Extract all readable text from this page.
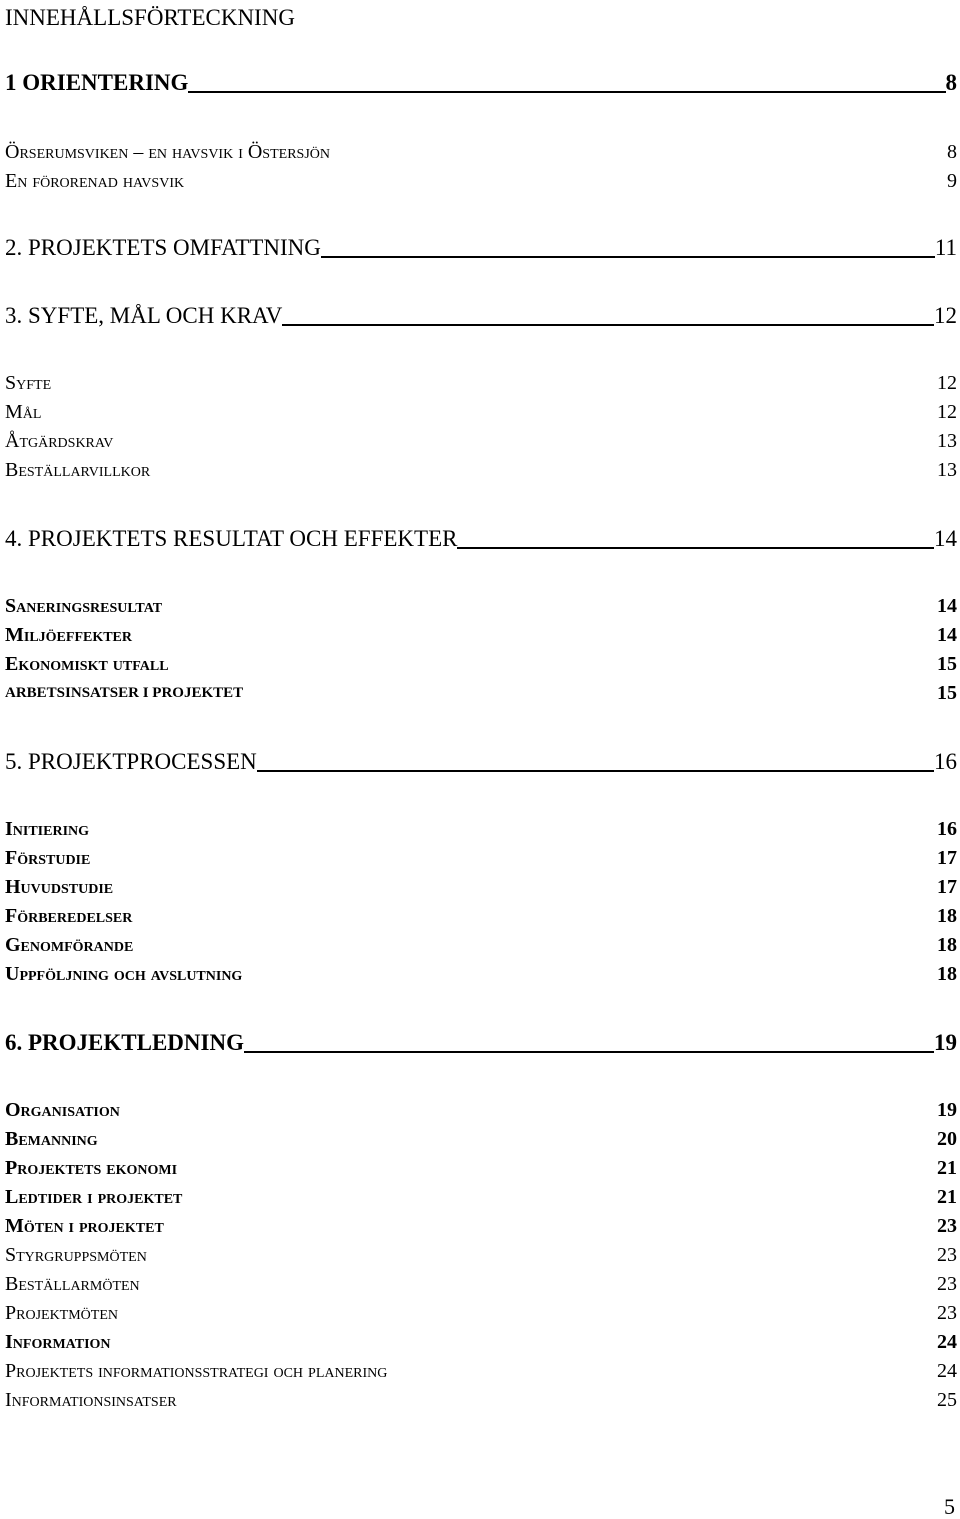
INNEHÅLLSFÖRTECKNING
1 ORIENTERING	8
Örserumsviken – en havsvik i Östersjön	8
En förorenad havsvik	9
2. PROJEKTETS OMFATTNING	11
3. SYFTE, MÅL OCH KRAV	12
Syfte	12
Mål	12
Åtgärdskrav	13
Beställarvillkor	13
4. PROJEKTETS RESULTAT OCH EFFEKTER	14
Saneringsresultat	14
Miljöeffekter	14
Ekonomiskt utfall	15
ARBETSINSATSER I PROJEKTET	15
5. PROJEKTPROCESSEN	16
Initiering	16
Förstudie	17
Huvudstudie	17
Förberedelser	18
Genomförande	18
Uppföljning och avslutning	18
6. PROJEKTLEDNING	19
Organisation	19
Bemanning	20
Projektets ekonomi	21
Ledtider i projektet	21
Möten i projektet	23
Styrgruppsmöten	23
Beställarmöten	23
Projektmöten	23
Information	24
Projektets informationsstrategi och planering	24
Informationsinsatser	25
5
